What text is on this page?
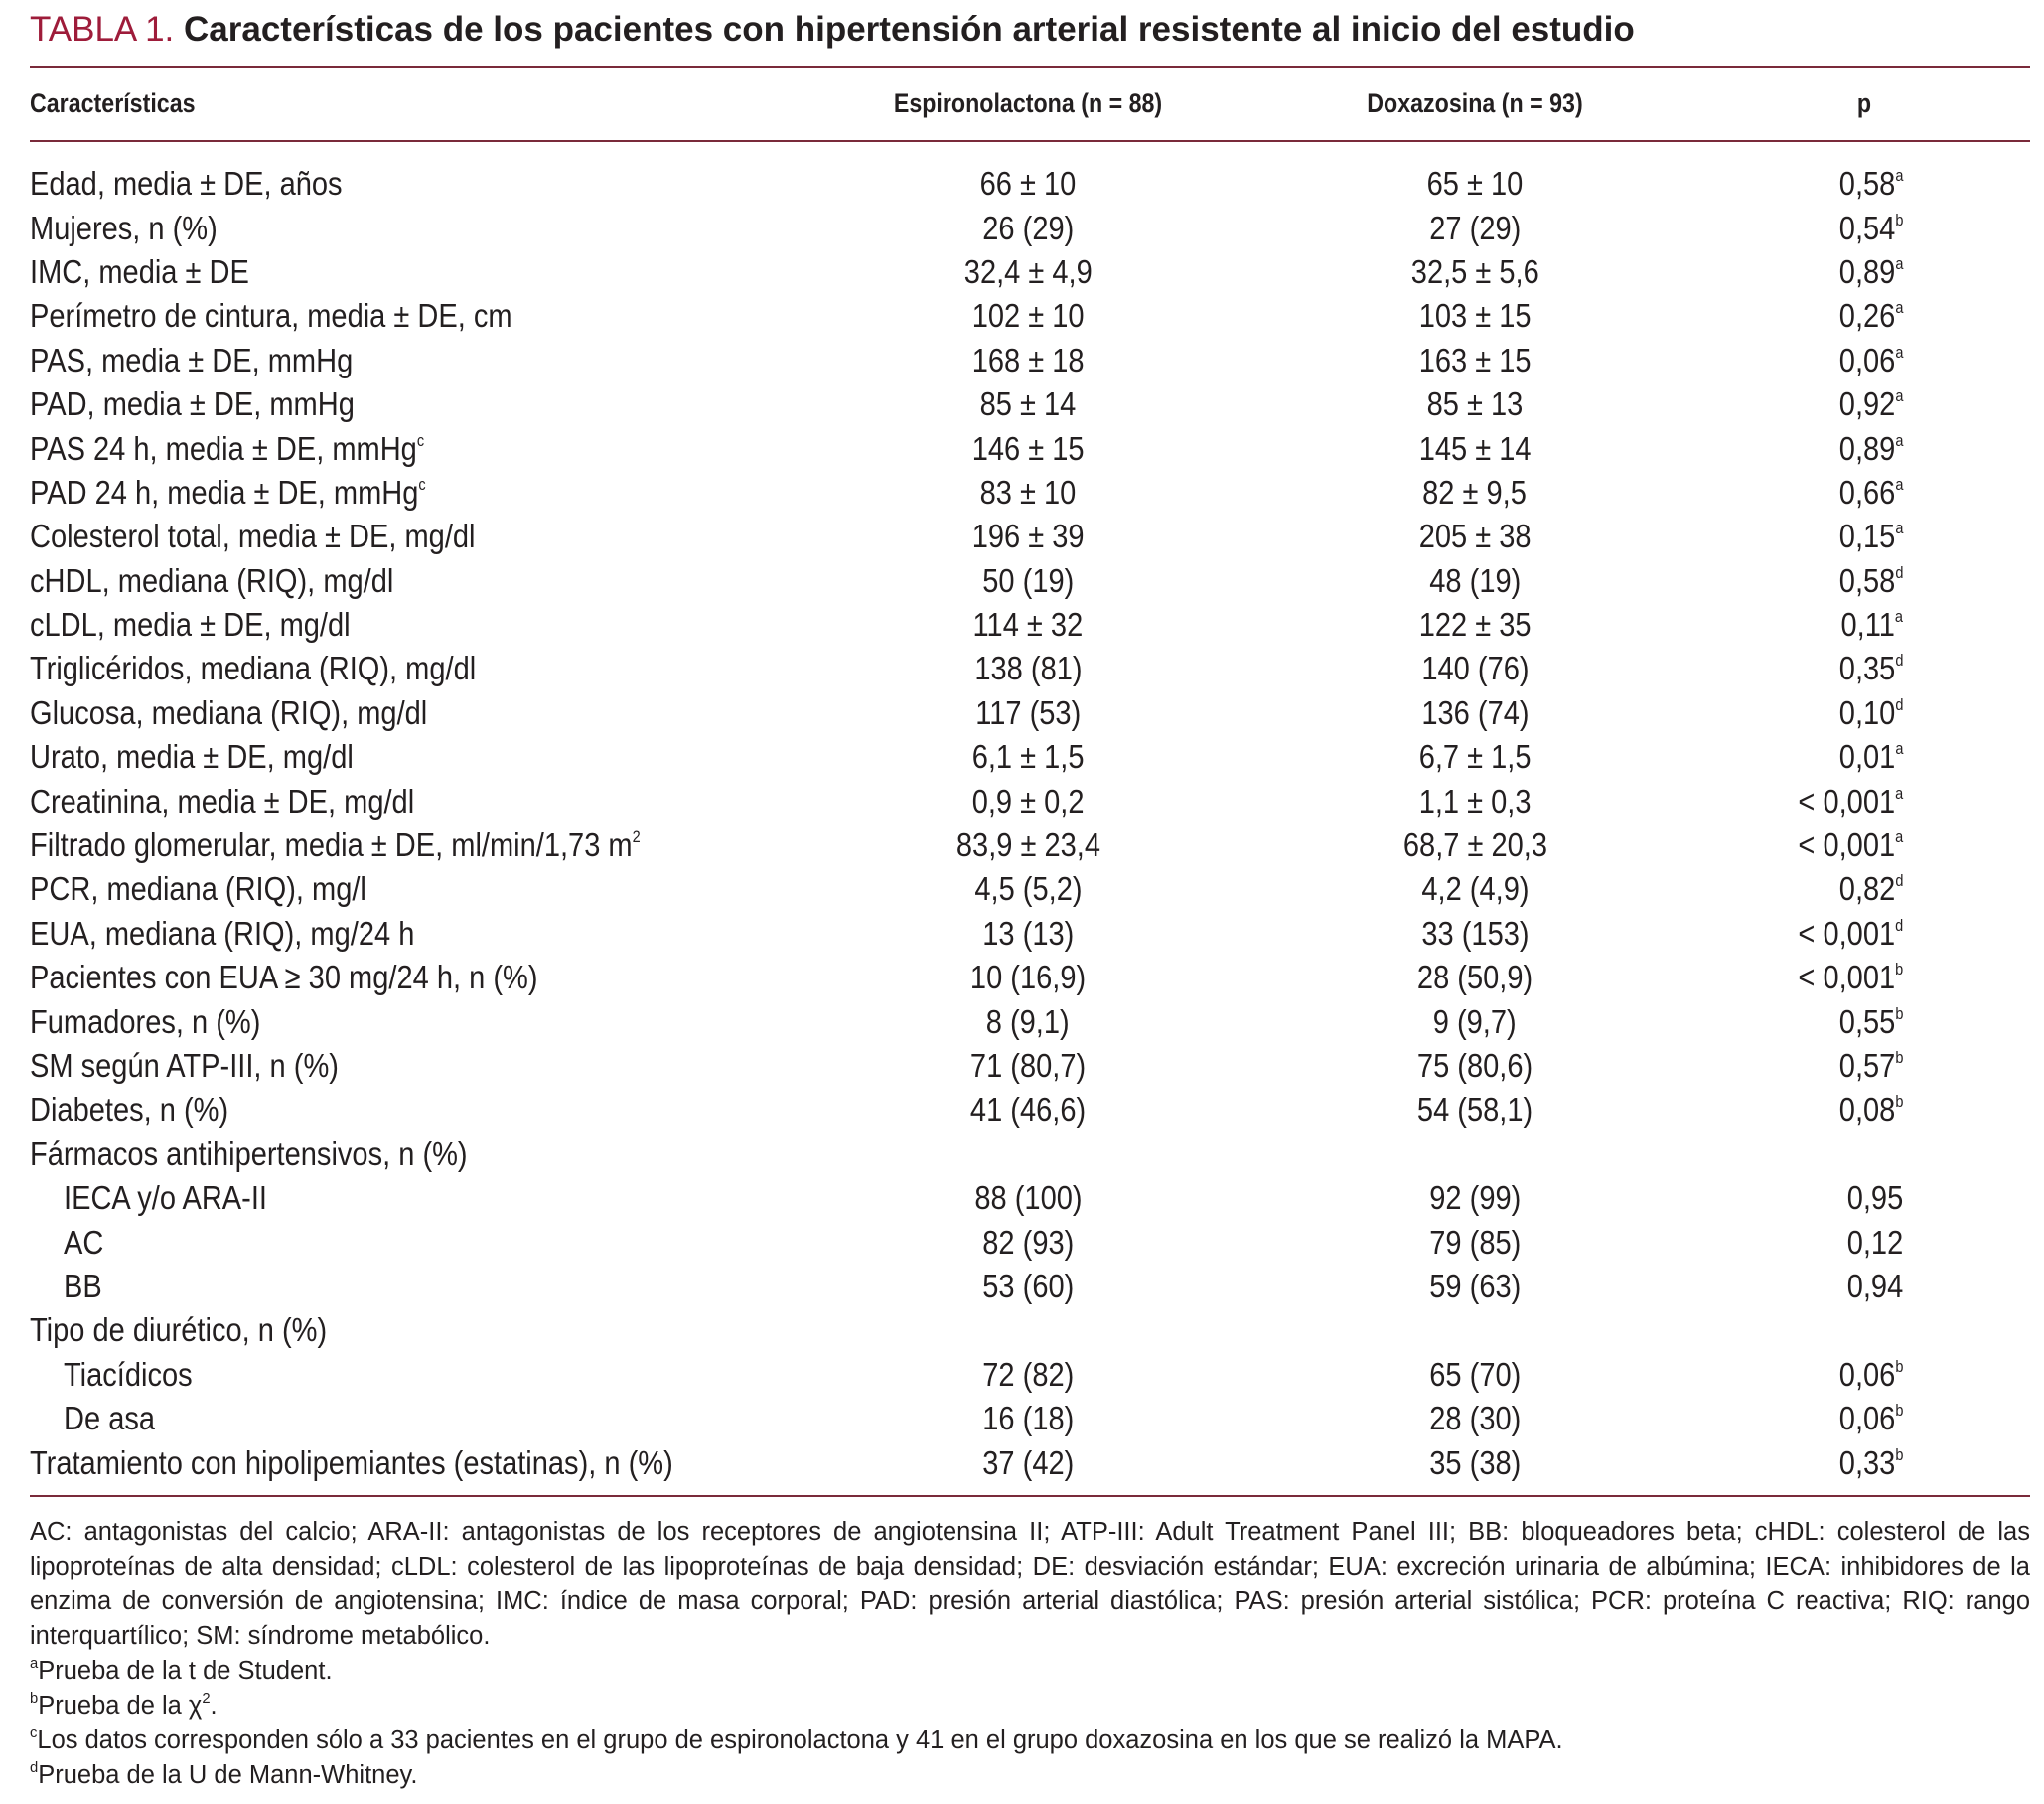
TABLA 1. Características de los pacientes con hipertensión arterial resistente al inicio del estudio
Características	Espironolactona (n = 88)	Doxazosina (n = 93)	p
Edad, media ± DE, años	66 ± 10	65 ± 10	0,58$^a$
Mujeres, n (%)	26 (29)	27 (29)	0,54$^b$
IMC, media ± DE	32,4 ± 4,9	32,5 ± 5,6	0,89$^a$
Perímetro de cintura, media ± DE, cm	102 ± 10	103 ± 15	0,26$^a$
PAS, media ± DE, mmHg	168 ± 18	163 ± 15	0,06$^a$
PAD, media ± DE, mmHg	85 ± 14	85 ± 13	0,92$^a$
PAS 24 h, media ± DE, mmHg$^c$	146 ± 15	145 ± 14	0,89$^a$
PAD 24 h, media ± DE, mmHg$^c$	83 ± 10	82 ± 9,5	0,66$^a$
Colesterol total, media ± DE, mg/dl	196 ± 39	205 ± 38	0,15$^a$
cHDL, mediana (RIQ), mg/dl	50 (19)	48 (19)	0,58$^d$
cLDL, media ± DE, mg/dl	114 ± 32	122 ± 35	0,11$^a$
Triglicéridos, mediana (RIQ), mg/dl	138 (81)	140 (76)	0,35$^d$
Glucosa, mediana (RIQ), mg/dl	117 (53)	136 (74)	0,10$^d$
Urato, media ± DE, mg/dl	6,1 ± 1,5	6,7 ± 1,5	0,01$^a$
Creatinina, media ± DE, mg/dl	0,9 ± 0,2	1,1 ± 0,3	< 0,001$^a$
Filtrado glomerular, media ± DE, ml/min/1,73 $m^2$	83,9 ± 23,4	68,7 ± 20,3	< 0,001$^a$
PCR, mediana (RIQ), mg/l	4,5 (5,2)	4,2 (4,9)	0,82$^d$
EUA, mediana (RIQ), mg/24 h	13 (13)	33 (153)	< 0,001$^d$
Pacientes con EUA ≥ 30 mg/24 h, n (%)	10 (16,9)	28 (50,9)	< 0,001$^b$
Fumadores, n (%)	8 (9,1)	9 (9,7)	0,55$^b$
SM según ATP-III, n (%)	71 (80,7)	75 (80,6)	0,57$^b$
Diabetes, n (%)	41 (46,6)	54 (58,1)	0,08$^b$
Fármacos antihipertensivos, n (%)			
IECA y/o ARA-II	88 (100)	92 (99)	0,95
AC	82 (93)	79 (85)	0,12
BB	53 (60)	59 (63)	0,94
Tipo de diurético, n (%)			
Tiacídicos	72 (82)	65 (70)	0,06$^b$
De asa	16 (18)	28 (30)	0,06$^b$
Tratamiento con hipolipemiantes (estatinas), n (%)	37 (42)	35 (38)	0,33$^b$
AC: antagonistas del calcio; ARA-II: antagonistas de los receptores de angiotensina II; ATP-III: Adult Treatment Panel III; BB: bloqueadores beta; cHDL: colesterol de las lipoproteínas de alta densidad; cLDL: colesterol de las lipoproteínas de baja densidad; DE: desviación estándar; EUA: excreción urinaria de albúmina; IECA: inhibidores de la enzima de conversión de angiotensina; IMC: índice de masa corporal; PAD: presión arterial diastólica; PAS: presión arterial sistólica; PCR: proteína C reactiva; RIQ: rango interquartílico; SM: síndrome metabólico.
$^a$Prueba de la t de Student.
$^b$Prueba de la $\chi^2$.
$^c$Los datos corresponden sólo a 33 pacientes en el grupo de espironolactona y 41 en el grupo doxazosina en los que se realizó la MAPA.
$^d$Prueba de la U de Mann-Whitney.
